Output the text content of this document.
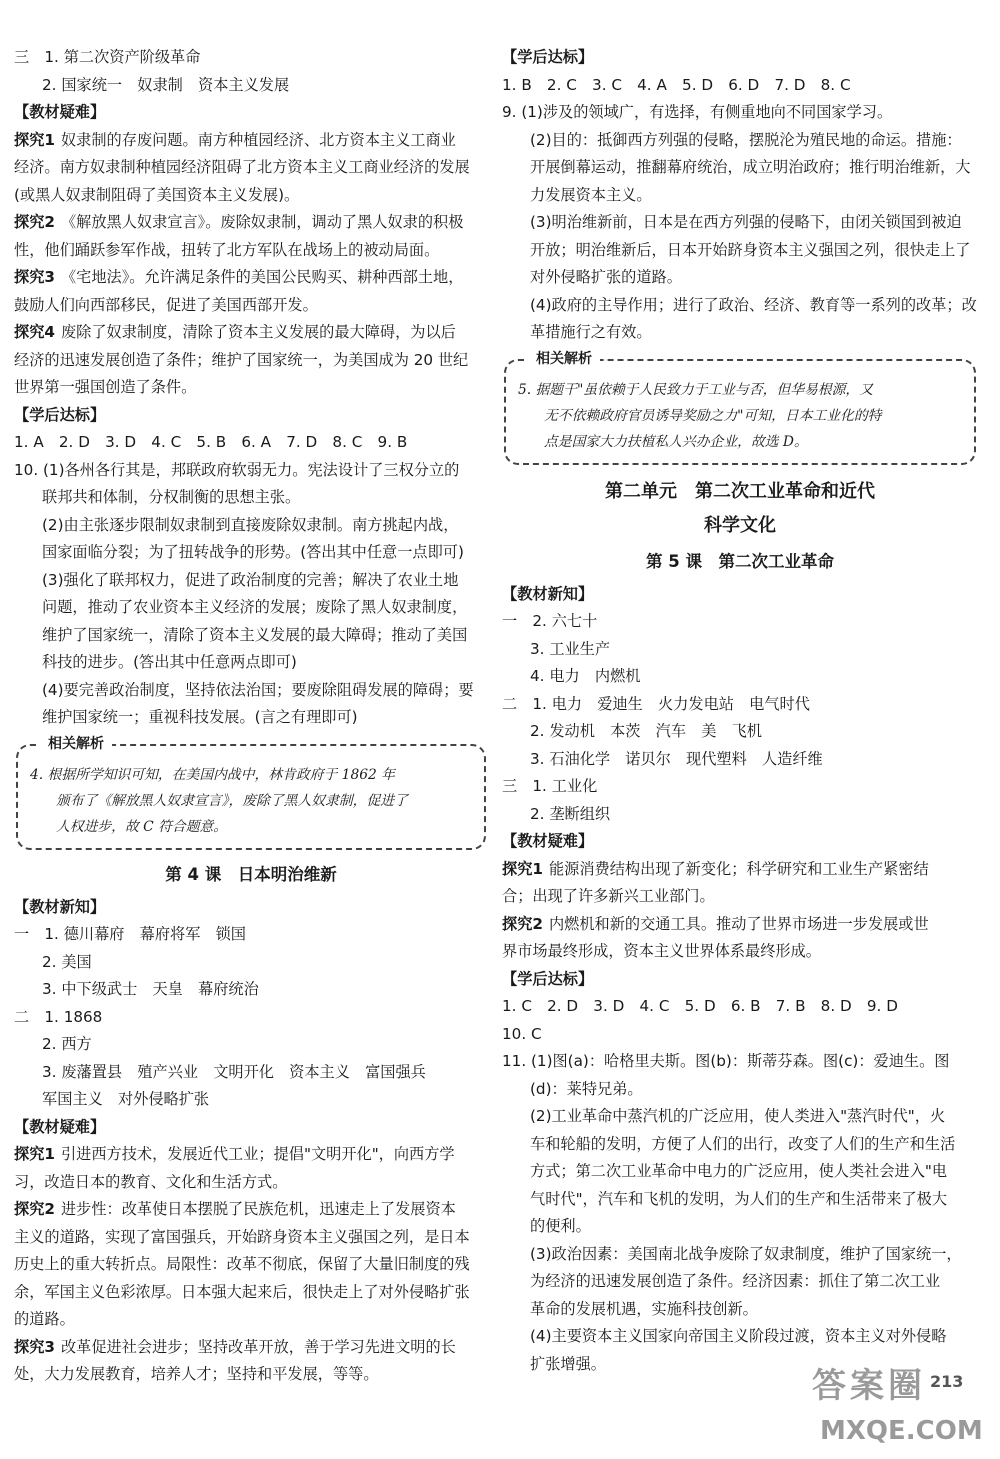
三　1. 第二次资产阶级革命
2. 国家统一　奴隶制　资本主义发展
【教材疑难】
探究1 奴隶制的存废问题。南方种植园经济、北方资本主义工商业
经济。南方奴隶制种植园经济阻碍了北方资本主义工商业经济的发展
(或黑人奴隶制阻碍了美国资本主义发展)。
探究2 《解放黑人奴隶宣言》。废除奴隶制，调动了黑人奴隶的积极
性，他们踊跃参军作战，扭转了北方军队在战场上的被动局面。
探究3 《宅地法》。允许满足条件的美国公民购买、耕种西部土地，
鼓励人们向西部移民，促进了美国西部开发。
探究4 废除了奴隶制度，清除了资本主义发展的最大障碍，为以后
经济的迅速发展创造了条件；维护了国家统一，为美国成为 20 世纪
世界第一强国创造了条件。
【学后达标】
1. A　2. D　3. D　4. C　5. B　6. A　7. D　8. C　9. B
10. (1)各州各行其是，邦联政府软弱无力。宪法设计了三权分立的
联邦共和体制，分权制衡的思想主张。
(2)由主张逐步限制奴隶制到直接废除奴隶制。南方挑起内战，
国家面临分裂；为了扭转战争的形势。(答出其中任意一点即可)
(3)强化了联邦权力，促进了政治制度的完善；解决了农业土地
问题，推动了农业资本主义经济的发展；废除了黑人奴隶制度，
维护了国家统一，清除了资本主义发展的最大障碍；推动了美国
科技的进步。(答出其中任意两点即可)
(4)要完善政治制度，坚持依法治国；要废除阻碍发展的障碍；要
维护国家统一；重视科技发展。(言之有理即可)
相关解析
4. 根据所学知识可知，在美国内战中，林肯政府于 1862 年
颁布了《解放黑人奴隶宣言》，废除了黑人奴隶制，促进了
人权进步，故 C 符合题意。
第 4 课　日本明治维新
【教材新知】
一　1. 德川幕府　幕府将军　锁国
2. 美国
3. 中下级武士　天皇　幕府统治
二　1. 1868
2. 西方
3. 废藩置县　殖产兴业　文明开化　资本主义　富国强兵
军国主义　对外侵略扩张
【教材疑难】
探究1 引进西方技术，发展近代工业；提倡"文明开化"，向西方学
习，改造日本的教育、文化和生活方式。
探究2 进步性：改革使日本摆脱了民族危机，迅速走上了发展资本
主义的道路，实现了富国强兵，开始跻身资本主义强国之列，是日本
历史上的重大转折点。局限性：改革不彻底，保留了大量旧制度的残
余，军国主义色彩浓厚。日本强大起来后，很快走上了对外侵略扩张
的道路。
探究3 改革促进社会进步；坚持改革开放，善于学习先进文明的长
处，大力发展教育，培养人才；坚持和平发展，等等。
【学后达标】
1. B　2. C　3. C　4. A　5. D　6. D　7. D　8. C
9. (1)涉及的领域广，有选择，有侧重地向不同国家学习。
(2)目的：抵御西方列强的侵略，摆脱沦为殖民地的命运。措施：
开展倒幕运动，推翻幕府统治，成立明治政府；推行明治维新，大
力发展资本主义。
(3)明治维新前，日本是在西方列强的侵略下，由闭关锁国到被迫
开放；明治维新后，日本开始跻身资本主义强国之列，很快走上了
对外侵略扩张的道路。
(4)政府的主导作用；进行了政治、经济、教育等一系列的改革；改
革措施行之有效。
相关解析
5. 据题干"虽依赖于人民致力于工业与否，但华易根源，又
无不依赖政府官员诱导奖励之力"可知，日本工业化的特
点是国家大力扶植私人兴办企业，故选 D。
第二单元　第二次工业革命和近代
科学文化
第 5 课　第二次工业革命
【教材新知】
一　2. 六七十
3. 工业生产
4. 电力　内燃机
二　1. 电力　爱迪生　火力发电站　电气时代
2. 发动机　本茨　汽车　美　飞机
3. 石油化学　诺贝尔　现代塑料　人造纤维
三　1. 工业化
2. 垄断组织
【教材疑难】
探究1 能源消费结构出现了新变化；科学研究和工业生产紧密结
合；出现了许多新兴工业部门。
探究2 内燃机和新的交通工具。推动了世界市场进一步发展或世
界市场最终形成，资本主义世界体系最终形成。
【学后达标】
1. C　2. D　3. D　4. C　5. D　6. B　7. B　8. D　9. D
10. C
11. (1)图(a)：哈格里夫斯。图(b)：斯蒂芬森。图(c)：爱迪生。图
(d)：莱特兄弟。
(2)工业革命中蒸汽机的广泛应用，使人类进入"蒸汽时代"，火
车和轮船的发明，方便了人们的出行，改变了人们的生产和生活
方式；第二次工业革命中电力的广泛应用，使人类社会进入"电
气时代"，汽车和飞机的发明，为人们的生产和生活带来了极大
的便利。
(3)政治因素：美国南北战争废除了奴隶制度，维护了国家统一，
为经济的迅速发展创造了条件。经济因素：抓住了第二次工业
革命的发展机遇，实施科技创新。
(4)主要资本主义国家向帝国主义阶段过渡，资本主义对外侵略
扩张增强。
答案圈
MXQE.COM
213
